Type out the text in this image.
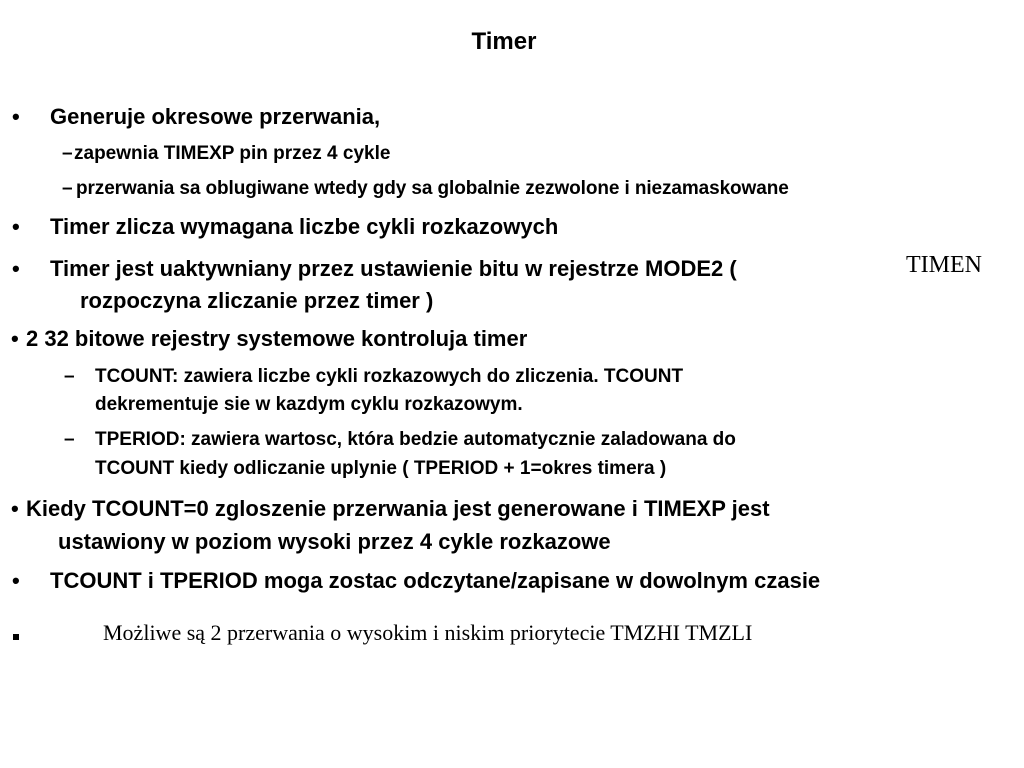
Timer
• Generuje okresowe przerwania,
– zapewnia TIMEXP pin przez 4 cykle
– przerwania sa oblugiwane wtedy gdy sa globalnie zezwolone i niezamaskowane
• Timer zlicza wymagana liczbe cykli rozkazowych
• Timer jest uaktywniany przez ustawienie bitu w rejestrze MODE2 (	TIMEN
rozpoczyna zliczanie przez timer )
• 2 32 bitowe rejestry systemowe kontroluja timer
– TCOUNT: zawiera liczbe cykli rozkazowych do zliczenia. TCOUNT
dekrementuje sie w kazdym cyklu rozkazowym.
– TPERIOD: zawiera wartosc, która bedzie automatycznie zaladowana do
TCOUNT kiedy odliczanie uplynie ( TPERIOD + 1=okres timera )
• Kiedy TCOUNT=0 zgloszenie przerwania jest generowane i TIMEXP jest
ustawiony w poziom wysoki przez 4 cykle rozkazowe
• TCOUNT i TPERIOD moga zostac odczytane/zapisane w dowolnym czasie
Możliwe są 2 przerwania o wysokim i niskim priorytecie TMZHI TMZLI
